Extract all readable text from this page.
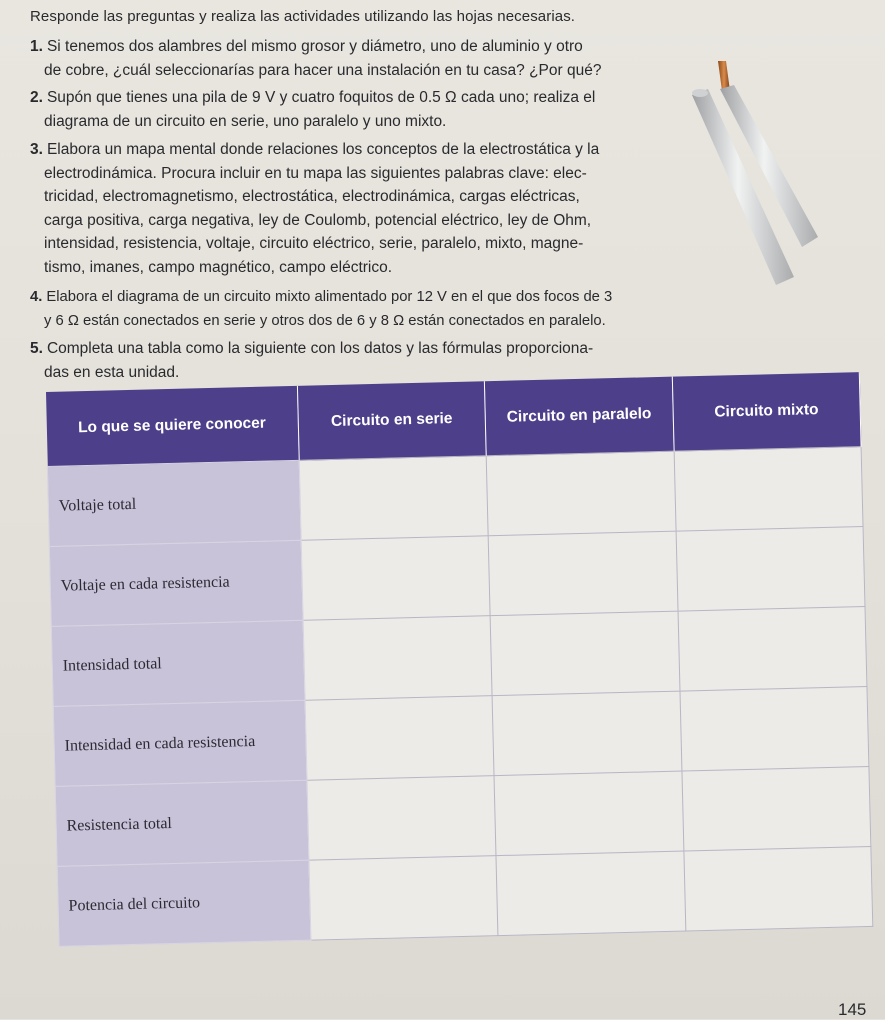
Responde las preguntas y realiza las actividades utilizando las hojas necesarias.
1. Si tenemos dos alambres del mismo grosor y diámetro, uno de aluminio y otro
de cobre, ¿cuál seleccionarías para hacer una instalación en tu casa? ¿Por qué?
2. Supón que tienes una pila de 9 V y cuatro foquitos de 0.5 Ω cada uno; realiza el
diagrama de un circuito en serie, uno paralelo y uno mixto.
3. Elabora un mapa mental donde relaciones los conceptos de la electrostática y la
electrodinámica. Procura incluir en tu mapa las siguientes palabras clave: elec-
tricidad, electromagnetismo, electrostática, electrodinámica, cargas eléctricas,
carga positiva, carga negativa, ley de Coulomb, potencial eléctrico, ley de Ohm,
intensidad, resistencia, voltaje, circuito eléctrico, serie, paralelo, mixto, magne-
tismo, imanes, campo magnético, campo eléctrico.
4. Elabora el diagrama de un circuito mixto alimentado por 12 V en el que dos focos de 3
y 6 Ω están conectados en serie y otros dos de 6 y 8 Ω están conectados en paralelo.
5. Completa una tabla como la siguiente con los datos y las fórmulas proporciona-
das en esta unidad.
Lo que se quiere conocer	Circuito en serie	Circuito en paralelo	Circuito mixto
Voltaje total			
Voltaje en cada resistencia			
Intensidad total			
Intensidad en cada resistencia			
Resistencia total			
Potencia del circuito			
145
